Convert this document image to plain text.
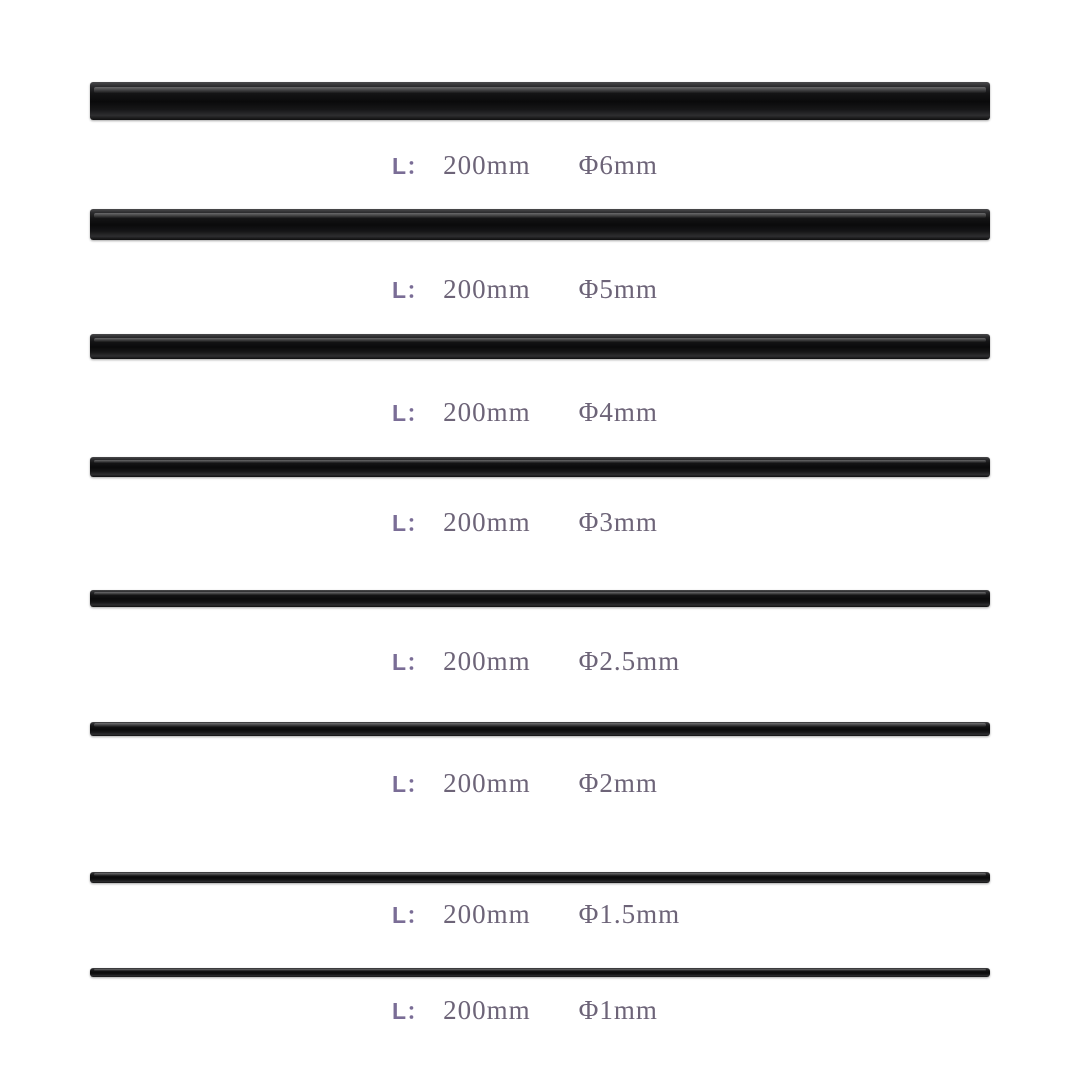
L： 200mm Φ6mm
L： 200mm Φ5mm
L： 200mm Φ4mm
L： 200mm Φ3mm
L： 200mm Φ2.5mm
L： 200mm Φ2mm
L： 200mm Φ1.5mm
L： 200mm Φ1mm
